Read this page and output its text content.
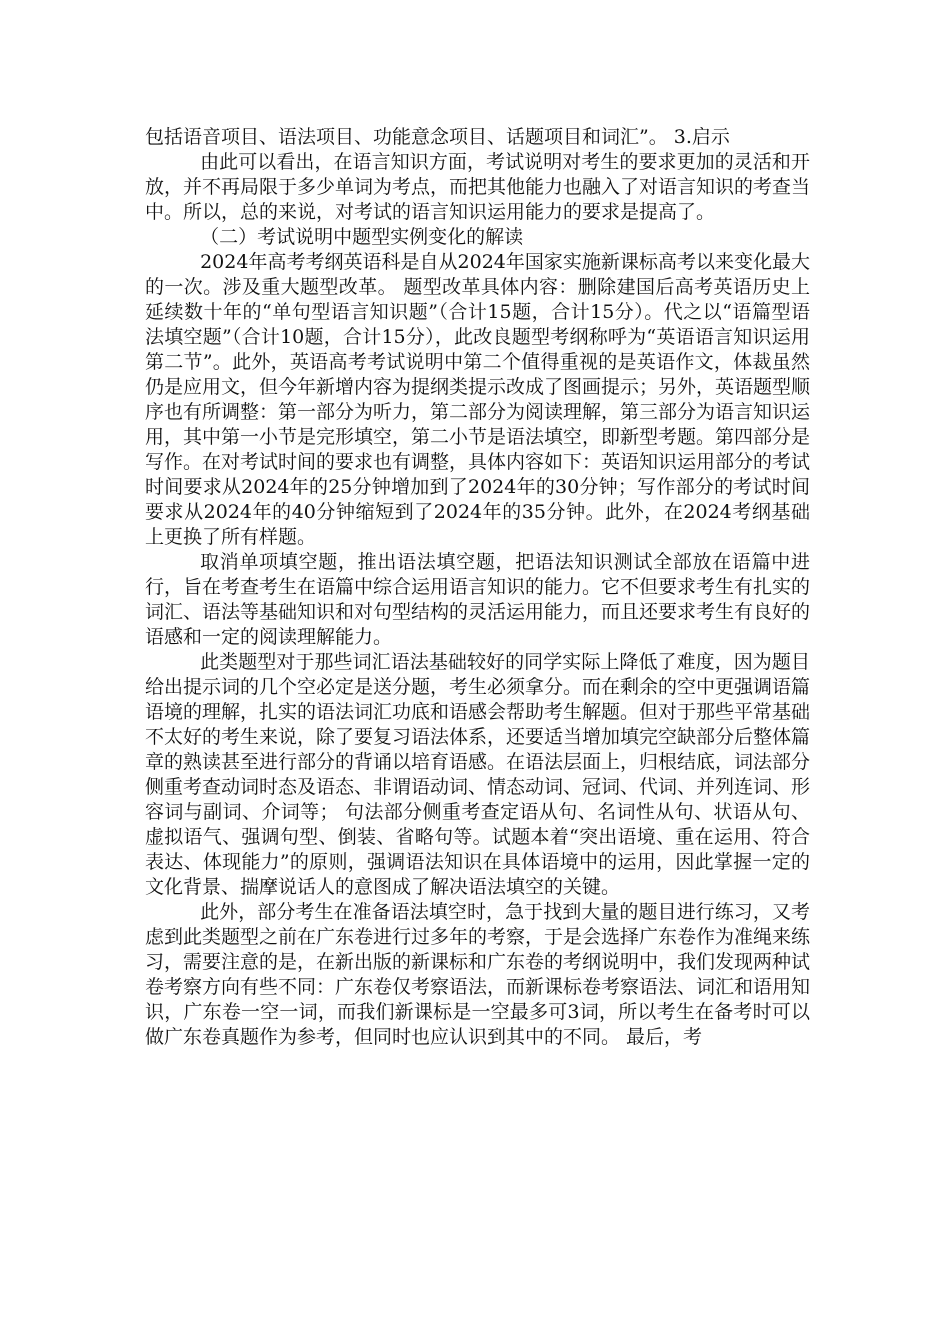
包括语音项目、语法项目、功能意念项目、话题项目和词汇”。 3.启示

由此可以看出，在语言知识方面，考试说明对考生的要求更加的灵活和开放，并不再局限于多少单词为考点，而把其他能力也融入了对语言知识的考查当中。所以，总的来说，对考试的语言知识运用能力的要求是提高了。

（二）考试说明中题型实例变化的解读

2024年高考考纲英语科是自从2024年国家实施新课标高考以来变化最大的一次。涉及重大题型改革。 题型改革具体内容：删除建国后高考英语历史上延续数十年的“单句型语言知识题”（合计15题，合计15分）。代之以“语篇型语法填空题”（合计10题，合计15分），此改良题型考纲称呼为“英语语言知识运用 第二节”。此外，英语高考考试说明中第二个值得重视的是英语作文，体裁虽然仍是应用文，但今年新增内容为提纲类提示改成了图画提示；另外，英语题型顺序也有所调整：第一部分为听力，第二部分为阅读理解，第三部分为语言知识运用，其中第一小节是完形填空，第二小节是语法填空，即新型考题。第四部分是写作。在对考试时间的要求也有调整，具体内容如下：英语知识运用部分的考试时间要求从2024年的25分钟增加到了2024年的30分钟；写作部分的考试时间要求从2024年的40分钟缩短到了2024年的35分钟。此外，在2024考纲基础上更换了所有样题。

取消单项填空题，推出语法填空题，把语法知识测试全部放在语篇中进行，旨在考查考生在语篇中综合运用语言知识的能力。它不但要求考生有扎实的词汇、语法等基础知识和对句型结构的灵活运用能力，而且还要求考生有良好的语感和一定的阅读理解能力。

此类题型对于那些词汇语法基础较好的同学实际上降低了难度，因为题目给出提示词的几个空必定是送分题，考生必须拿分。而在剩余的空中更强调语篇语境的理解，扎实的语法词汇功底和语感会帮助考生解题。但对于那些平常基础不太好的考生来说，除了要复习语法体系，还要适当增加填完空缺部分后整体篇章的熟读甚至进行部分的背诵以培育语感。在语法层面上，归根结底，词法部分侧重考查动词时态及语态、非谓语动词、情态动词、冠词、代词、并列连词、形容词与副词、介词等； 句法部分侧重考查定语从句、名词性从句、状语从句、虚拟语气、强调句型、倒装、省略句等。试题本着“突出语境、重在运用、符合表达、体现能力”的原则，强调语法知识在具体语境中的运用，因此掌握一定的文化背景、揣摩说话人的意图成了解决语法填空的关键。

此外，部分考生在准备语法填空时，急于找到大量的题目进行练习，又考虑到此类题型之前在广东卷进行过多年的考察，于是会选择广东卷作为准绳来练习，需要注意的是，在新出版的新课标和广东卷的考纲说明中，我们发现两种试卷考察方向有些不同：广东卷仅考察语法，而新课标卷考察语法、词汇和语用知识，广东卷一空一词，而我们新课标是一空最多可3词，所以考生在备考时可以做广东卷真题作为参考，但同时也应认识到其中的不同。 最后，考
